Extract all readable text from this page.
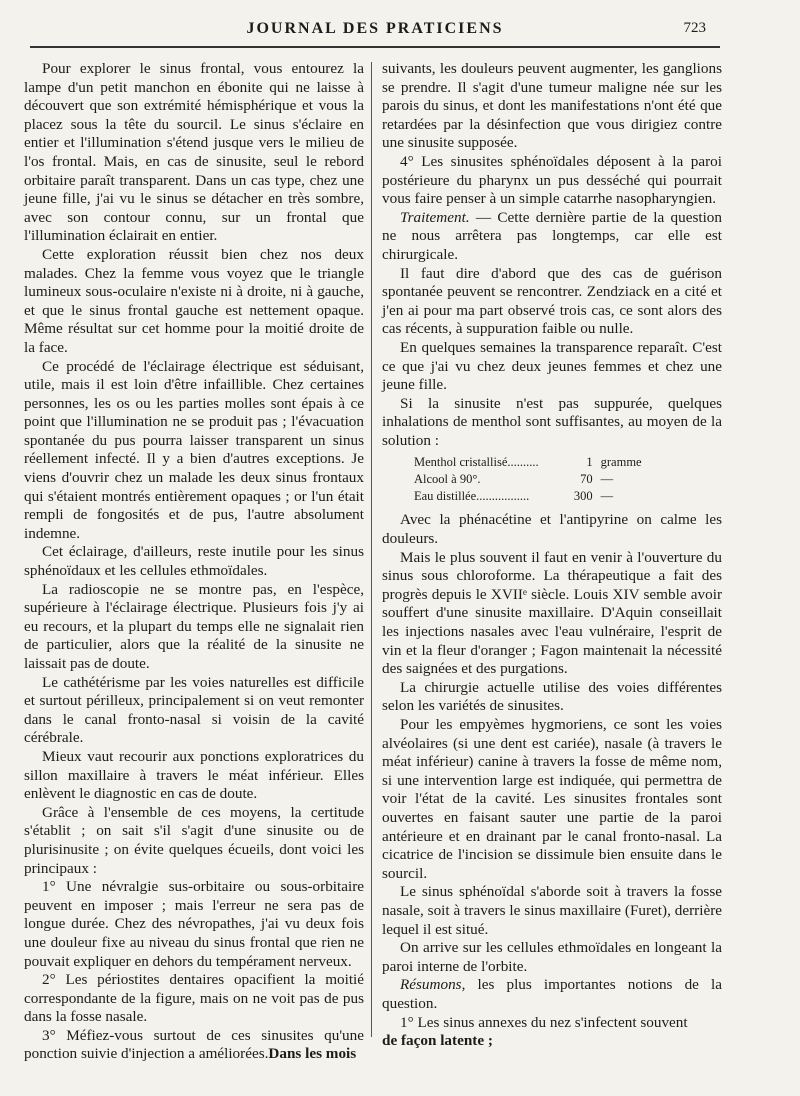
JOURNAL DES PRATICIENS	723

Pour explorer le sinus frontal, vous entourez la lampe d'un petit manchon en ébonite qui ne laisse à découvert que son extrémité hémisphérique et vous la placez sous la tête du sourcil. Le sinus s'éclaire en entier et l'illumination s'étend jusque vers le milieu de l'os frontal. Mais, en cas de sinusite, seul le rebord orbitaire paraît transparent. Dans un cas type, chez une jeune fille, j'ai vu le sinus se détacher en très sombre, avec son contour connu, sur un frontal que l'illumination éclairait en entier.

Cette exploration réussit bien chez nos deux malades. Chez la femme vous voyez que le triangle lumineux sous-oculaire n'existe ni à droite, ni à gauche, et que le sinus frontal gauche est nettement opaque. Même résultat sur cet homme pour la moitié droite de la face.

Ce procédé de l'éclairage électrique est séduisant, utile, mais il est loin d'être infaillible. Chez certaines personnes, les os ou les parties molles sont épais à ce point que l'illumination ne se produit pas ; l'évacuation spontanée du pus pourra laisser transparent un sinus réellement infecté. Il y a bien d'autres exceptions. Je viens d'ouvrir chez un malade les deux sinus frontaux qui s'étaient montrés entièrement opaques ; or l'un était rempli de fongosités et de pus, l'autre absolument indemne.

Cet éclairage, d'ailleurs, reste inutile pour les sinus sphénoïdaux et les cellules ethmoïdales.

La radioscopie ne se montre pas, en l'espèce, supérieure à l'éclairage électrique. Plusieurs fois j'y ai eu recours, et la plupart du temps elle ne signalait rien de particulier, alors que la réalité de la sinusite ne laissait pas de doute.

Le cathétérisme par les voies naturelles est difficile et surtout périlleux, principalement si on veut remonter dans le canal fronto-nasal si voisin de la cavité cérébrale.

Mieux vaut recourir aux ponctions exploratrices du sillon maxillaire à travers le méat inférieur. Elles enlèvent le diagnostic en cas de doute.

Grâce à l'ensemble de ces moyens, la certitude s'établit ; on sait s'il s'agit d'une sinusite ou de plurisinusite ; on évite quelques écueils, dont voici les principaux :

1° Une névralgie sus-orbitaire ou sous-orbitaire peuvent en imposer ; mais l'erreur ne sera pas de longue durée. Chez des névropathes, j'ai vu deux fois une douleur fixe au niveau du sinus frontal que rien ne pouvait expliquer en dehors du tempérament nerveux.

2° Les périostites dentaires opacifient la moitié correspondante de la figure, mais on ne voit pas de pus dans la fosse nasale.

3° Méfiez-vous surtout de ces sinusites qu'une ponction suivie d'injection a améliorées.Dans les mois

suivants, les douleurs peuvent augmenter, les ganglions se prendre. Il s'agit d'une tumeur maligne née sur les parois du sinus, et dont les manifestations n'ont été que retardées par la désinfection que vous dirigiez contre une sinusite supposée.

4° Les sinusites sphénoïdales déposent à la paroi postérieure du pharynx un pus desséché qui pourrait vous faire penser à un simple catarrhe nasopharyngien.

Traitement. — Cette dernière partie de la question ne nous arrêtera pas longtemps, car elle est chirurgicale.

Il faut dire d'abord que des cas de guérison spontanée peuvent se rencontrer. Zendziack en a cité et j'en ai pour ma part observé trois cas, ce sont alors des cas récents, à suppuration faible ou nulle.

En quelques semaines la transparence reparaît. C'est ce que j'ai vu chez deux jeunes femmes et chez une jeune fille.

Si la sinusite n'est pas suppurée, quelques inhalations de menthol sont suffisantes, au moyen de la solution :

Menthol cristallisé..........	1	gramme
Alcool à 90°.	70	—
Eau distillée.................	300	—

Avec la phénacétine et l'antipyrine on calme les douleurs.

Mais le plus souvent il faut en venir à l'ouverture du sinus sous chloroforme. La thérapeutique a fait des progrès depuis le XVIIᵉ siècle. Louis XIV semble avoir souffert d'une sinusite maxillaire. D'Aquin conseillait les injections nasales avec l'eau vulnéraire, l'esprit de vin et la fleur d'oranger ; Fagon maintenait la nécessité des saignées et des purgations.

La chirurgie actuelle utilise des voies différentes selon les variétés de sinusites.

Pour les empyèmes hygmoriens, ce sont les voies alvéolaires (si une dent est cariée), nasale (à travers le méat inférieur) canine à travers la fosse de même nom, si une intervention large est indiquée, qui permettra de voir l'état de la cavité. Les sinusites frontales sont ouvertes en faisant sauter une partie de la paroi antérieure et en drainant par le canal fronto-nasal. La cicatrice de l'incision se dissimule bien ensuite dans le sourcil.

Le sinus sphénoïdal s'aborde soit à travers la fosse nasale, soit à travers le sinus maxillaire (Furet), derrière lequel il est situé.

On arrive sur les cellules ethmoïdales en longeant la paroi interne de l'orbite.

Résumons, les plus importantes notions de la question.

1° Les sinus annexes du nez s'infectent souvent
de façon latente ;
